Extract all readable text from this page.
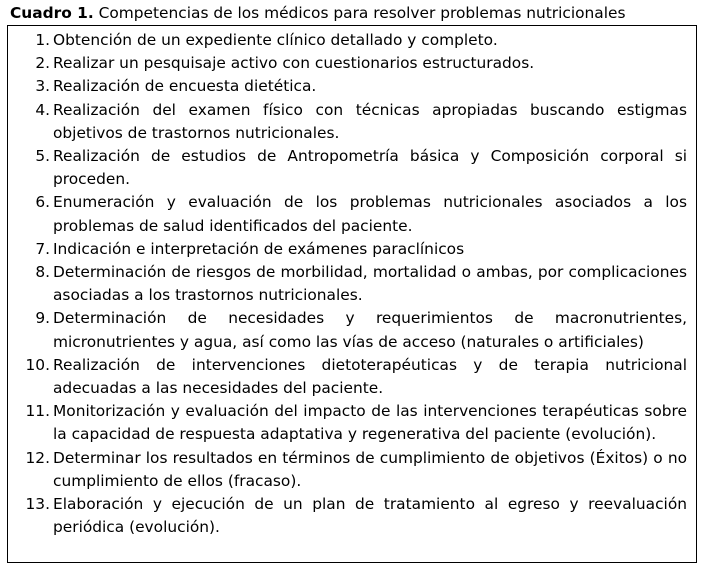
Cuadro 1. Competencias de los médicos para resolver problemas nutricionales
1. Obtención de un expediente clínico detallado y completo.
2. Realizar un pesquisaje activo con cuestionarios estructurados.
3. Realización de encuesta dietética.
4. Realización del examen físico con técnicas apropiadas buscando estigmas objetivos de trastornos nutricionales.
5. Realización de estudios de Antropometría básica y Composición corporal si proceden.
6. Enumeración y evaluación de los problemas nutricionales asociados a los problemas de salud identificados del paciente.
7. Indicación e interpretación de exámenes paraclínicos
8. Determinación de riesgos de morbilidad, mortalidad o ambas, por complicaciones asociadas a los trastornos nutricionales.
9. Determinación de necesidades y requerimientos de macronutrientes, micronutrientes y agua, así como las vías de acceso (naturales o artificiales)
10. Realización de intervenciones dietoterapéuticas y de terapia nutricional adecuadas a las necesidades del paciente.
11. Monitorización y evaluación del impacto de las intervenciones terapéuticas sobre la capacidad de respuesta adaptativa y regenerativa del paciente (evolución).
12. Determinar los resultados en términos de cumplimiento de objetivos (Éxitos) o no cumplimiento de ellos (fracaso).
13. Elaboración y ejecución de un plan de tratamiento al egreso y reevaluación periódica (evolución).
